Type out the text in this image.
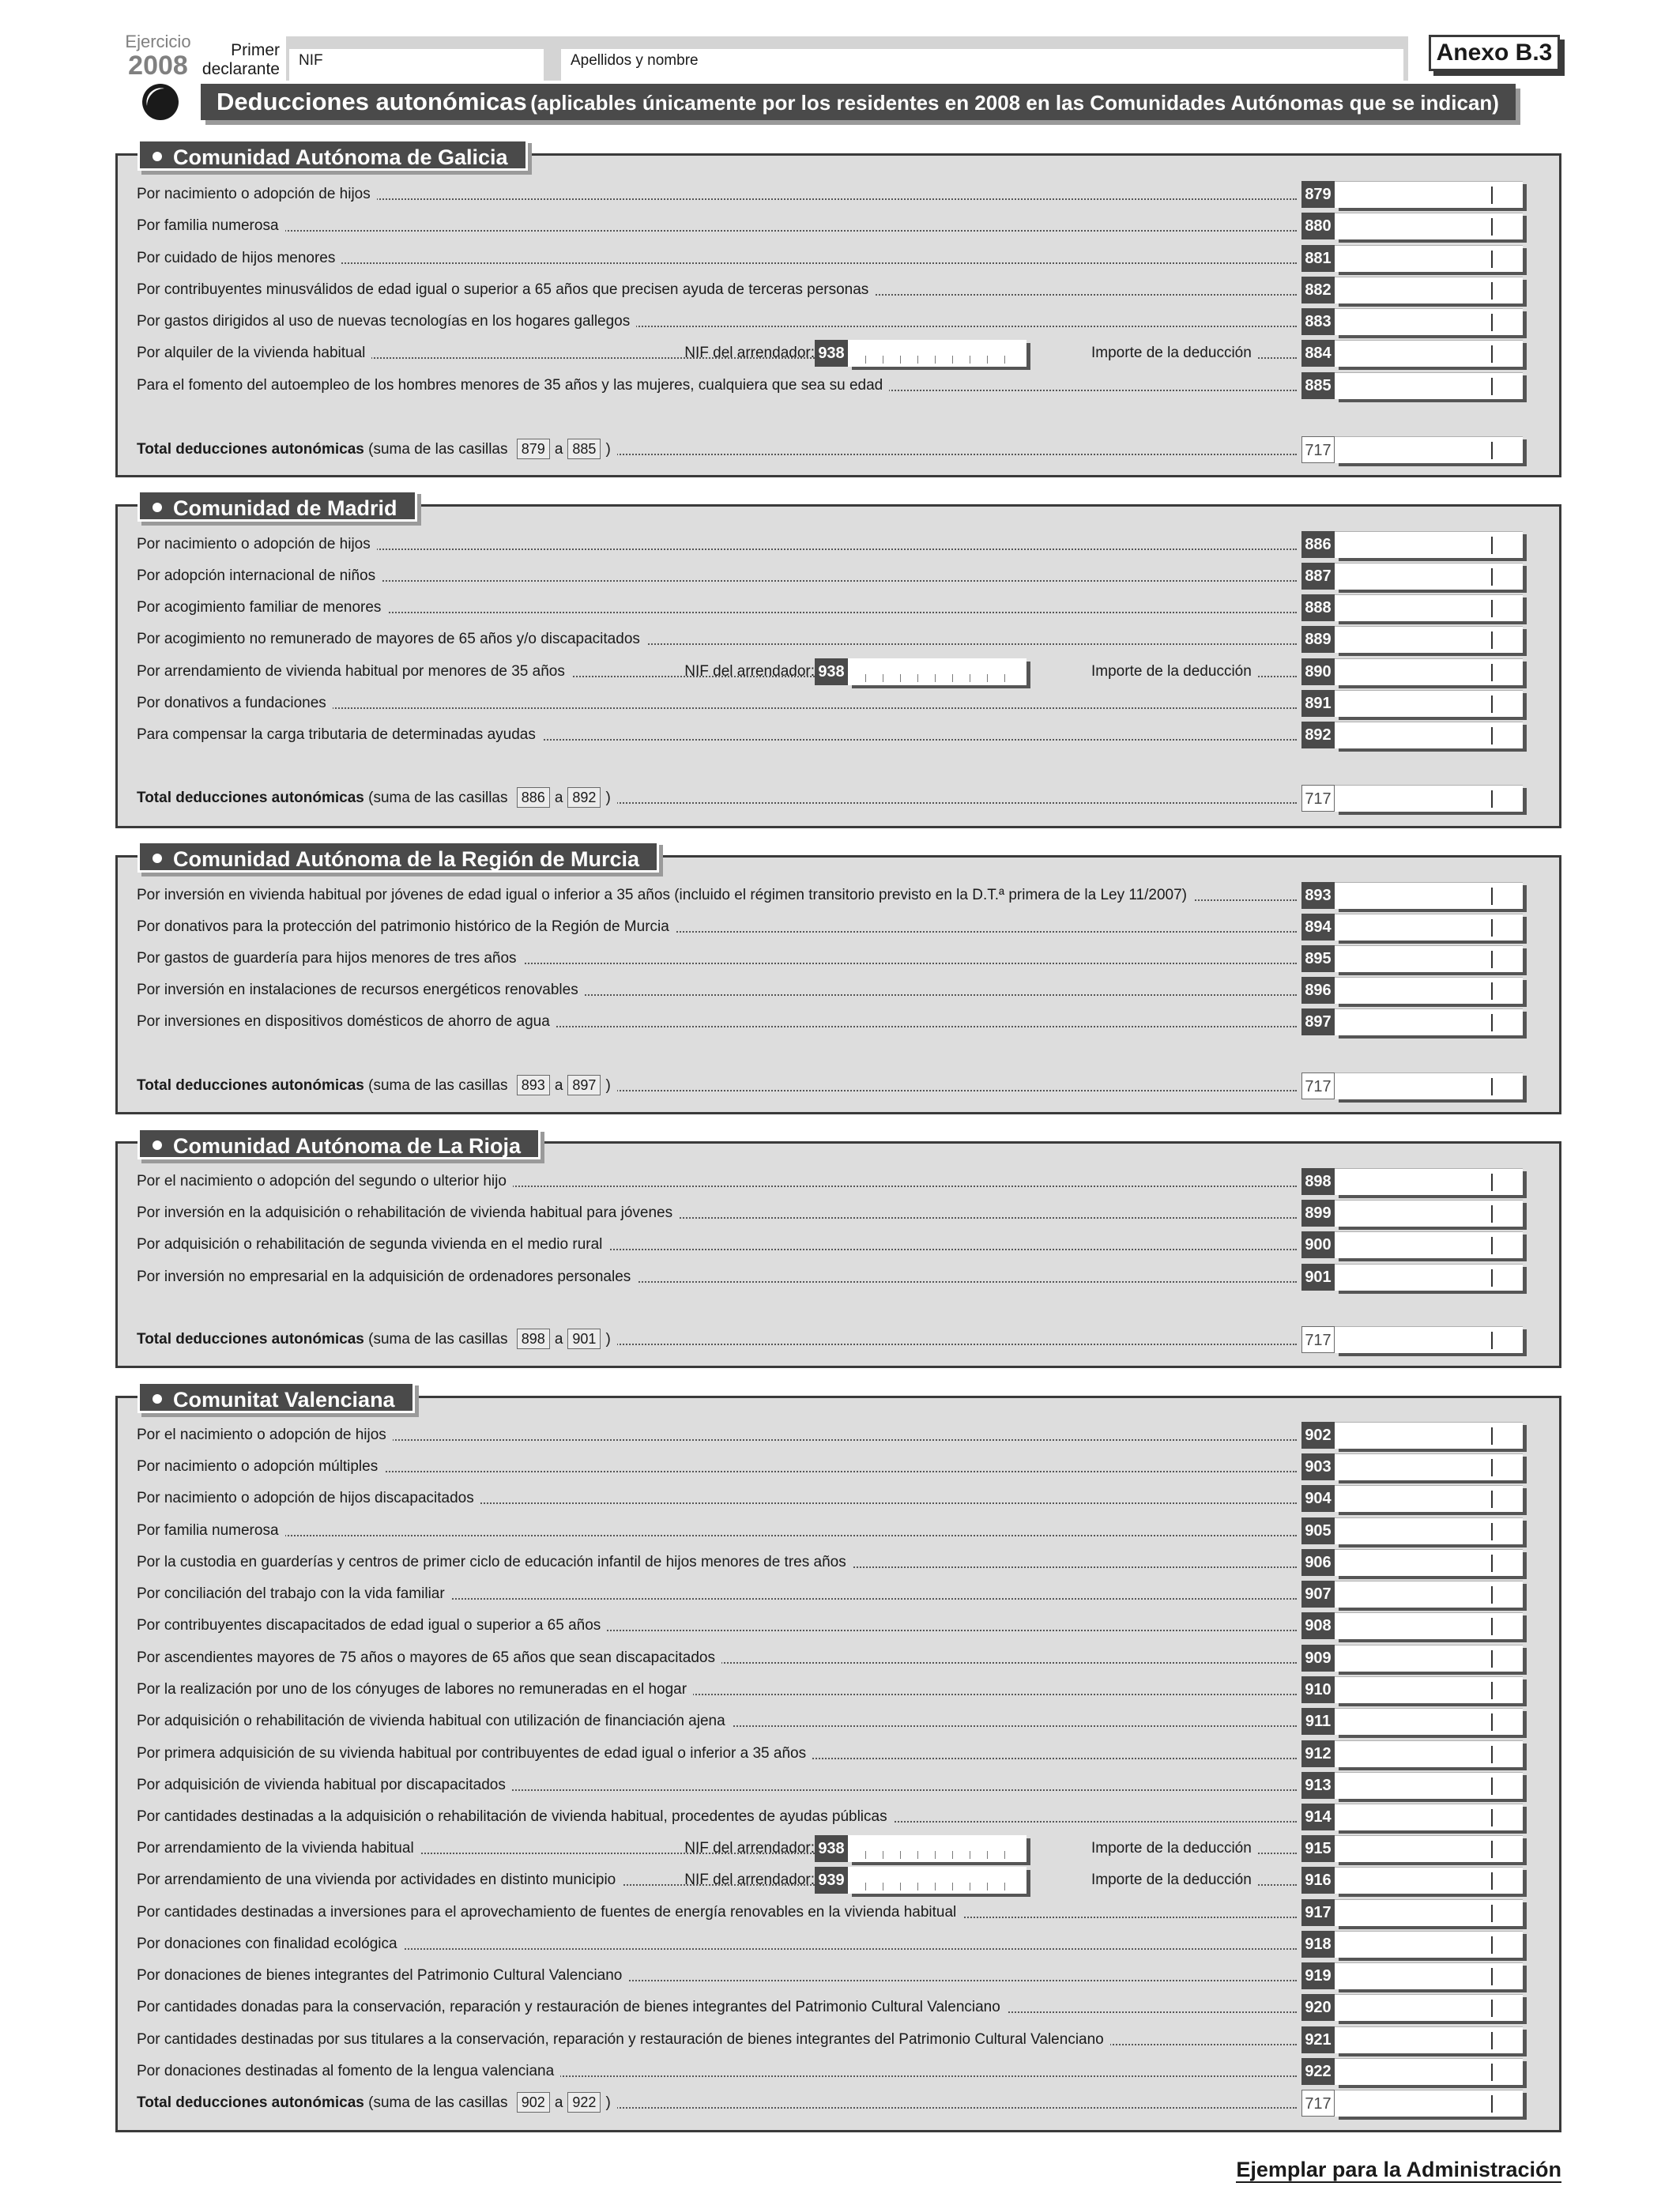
Ejercicio
2008
Primer declarante	NIF	Apellidos y nombre	Anexo B.3
Deducciones autonómicas (aplicables únicamente por los residentes en 2008 en las Comunidades Autónomas que se indican)
Por nacimiento o adopción de hijos	879
Por familia numerosa	880
Por cuidado de hijos menores	881
Por contribuyentes minusválidos de edad igual o superior a 65 años que precisen ayuda de terceras personas	882
Por gastos dirigidos al uso de nuevas tecnologías en los hogares gallegos	883
Por alquiler de la vivienda habitual	NIF del arrendador: 938	Importe de la deducción	884
Para el fomento del autoempleo de los hombres menores de 35 años y las mujeres, cualquiera que sea su edad	885
Total deducciones autonómicas (suma de las casillas 879 a 885 )	717
Comunidad Autónoma de Galicia
Por nacimiento o adopción de hijos	886
Por adopción internacional de niños	887
Por acogimiento familiar de menores	888
Por acogimiento no remunerado de mayores de 65 años y/o discapacitados	889
Por arrendamiento de vivienda habitual por menores de 35 años	NIF del arrendador: 938	Importe de la deducción	890
Por donativos a fundaciones	891
Para compensar la carga tributaria de determinadas ayudas	892
Total deducciones autonómicas (suma de las casillas 886 a 892 )	717
Comunidad de Madrid
Por inversión en vivienda habitual por jóvenes de edad igual o inferior a 35 años (incluido el régimen transitorio previsto en la D.T.ª primera de la Ley 11/2007)	893
Por donativos para la protección del patrimonio histórico de la Región de Murcia	894
Por gastos de guardería para hijos menores de tres años	895
Por inversión en instalaciones de recursos energéticos renovables	896
Por inversiones en dispositivos domésticos de ahorro de agua	897
Total deducciones autonómicas (suma de las casillas 893 a 897 )	717
Comunidad Autónoma de la Región de Murcia
Por el nacimiento o adopción del segundo o ulterior hijo	898
Por inversión en la adquisición o rehabilitación de vivienda habitual para jóvenes	899
Por adquisición o rehabilitación de segunda vivienda en el medio rural	900
Por inversión no empresarial en la adquisición de ordenadores personales	901
Total deducciones autonómicas (suma de las casillas 898 a 901 )	717
Comunidad Autónoma de La Rioja
Por el nacimiento o adopción de hijos	902
Por nacimiento o adopción múltiples	903
Por nacimiento o adopción de hijos discapacitados	904
Por familia numerosa	905
Por la custodia en guarderías y centros de primer ciclo de educación infantil de hijos menores de tres años	906
Por conciliación del trabajo con la vida familiar	907
Por contribuyentes discapacitados de edad igual o superior a 65 años	908
Por ascendientes mayores de 75 años o mayores de 65 años que sean discapacitados	909
Por la realización por uno de los cónyuges de labores no remuneradas en el hogar	910
Por adquisición o rehabilitación de vivienda habitual con utilización de financiación ajena	911
Por primera adquisición de su vivienda habitual por contribuyentes de edad igual o inferior a 35 años	912
Por adquisición de vivienda habitual por discapacitados	913
Por cantidades destinadas a la adquisición o rehabilitación de vivienda habitual, procedentes de ayudas públicas	914
Por arrendamiento de la vivienda habitual	NIF del arrendador: 938	Importe de la deducción	915
Por arrendamiento de una vivienda por actividades en distinto municipio	NIF del arrendador: 939	Importe de la deducción	916
Por cantidades destinadas a inversiones para el aprovechamiento de fuentes de energía renovables en la vivienda habitual	917
Por donaciones con finalidad ecológica	918
Por donaciones de bienes integrantes del Patrimonio Cultural Valenciano	919
Por cantidades donadas para la conservación, reparación y restauración de bienes integrantes del Patrimonio Cultural Valenciano	920
Por cantidades destinadas por sus titulares a la conservación, reparación y restauración de bienes integrantes del Patrimonio Cultural Valenciano	921
Por donaciones destinadas al fomento de la lengua valenciana	922
Total deducciones autonómicas (suma de las casillas 902 a 922 )	717
Comunitat Valenciana
Ejemplar para la Administración
